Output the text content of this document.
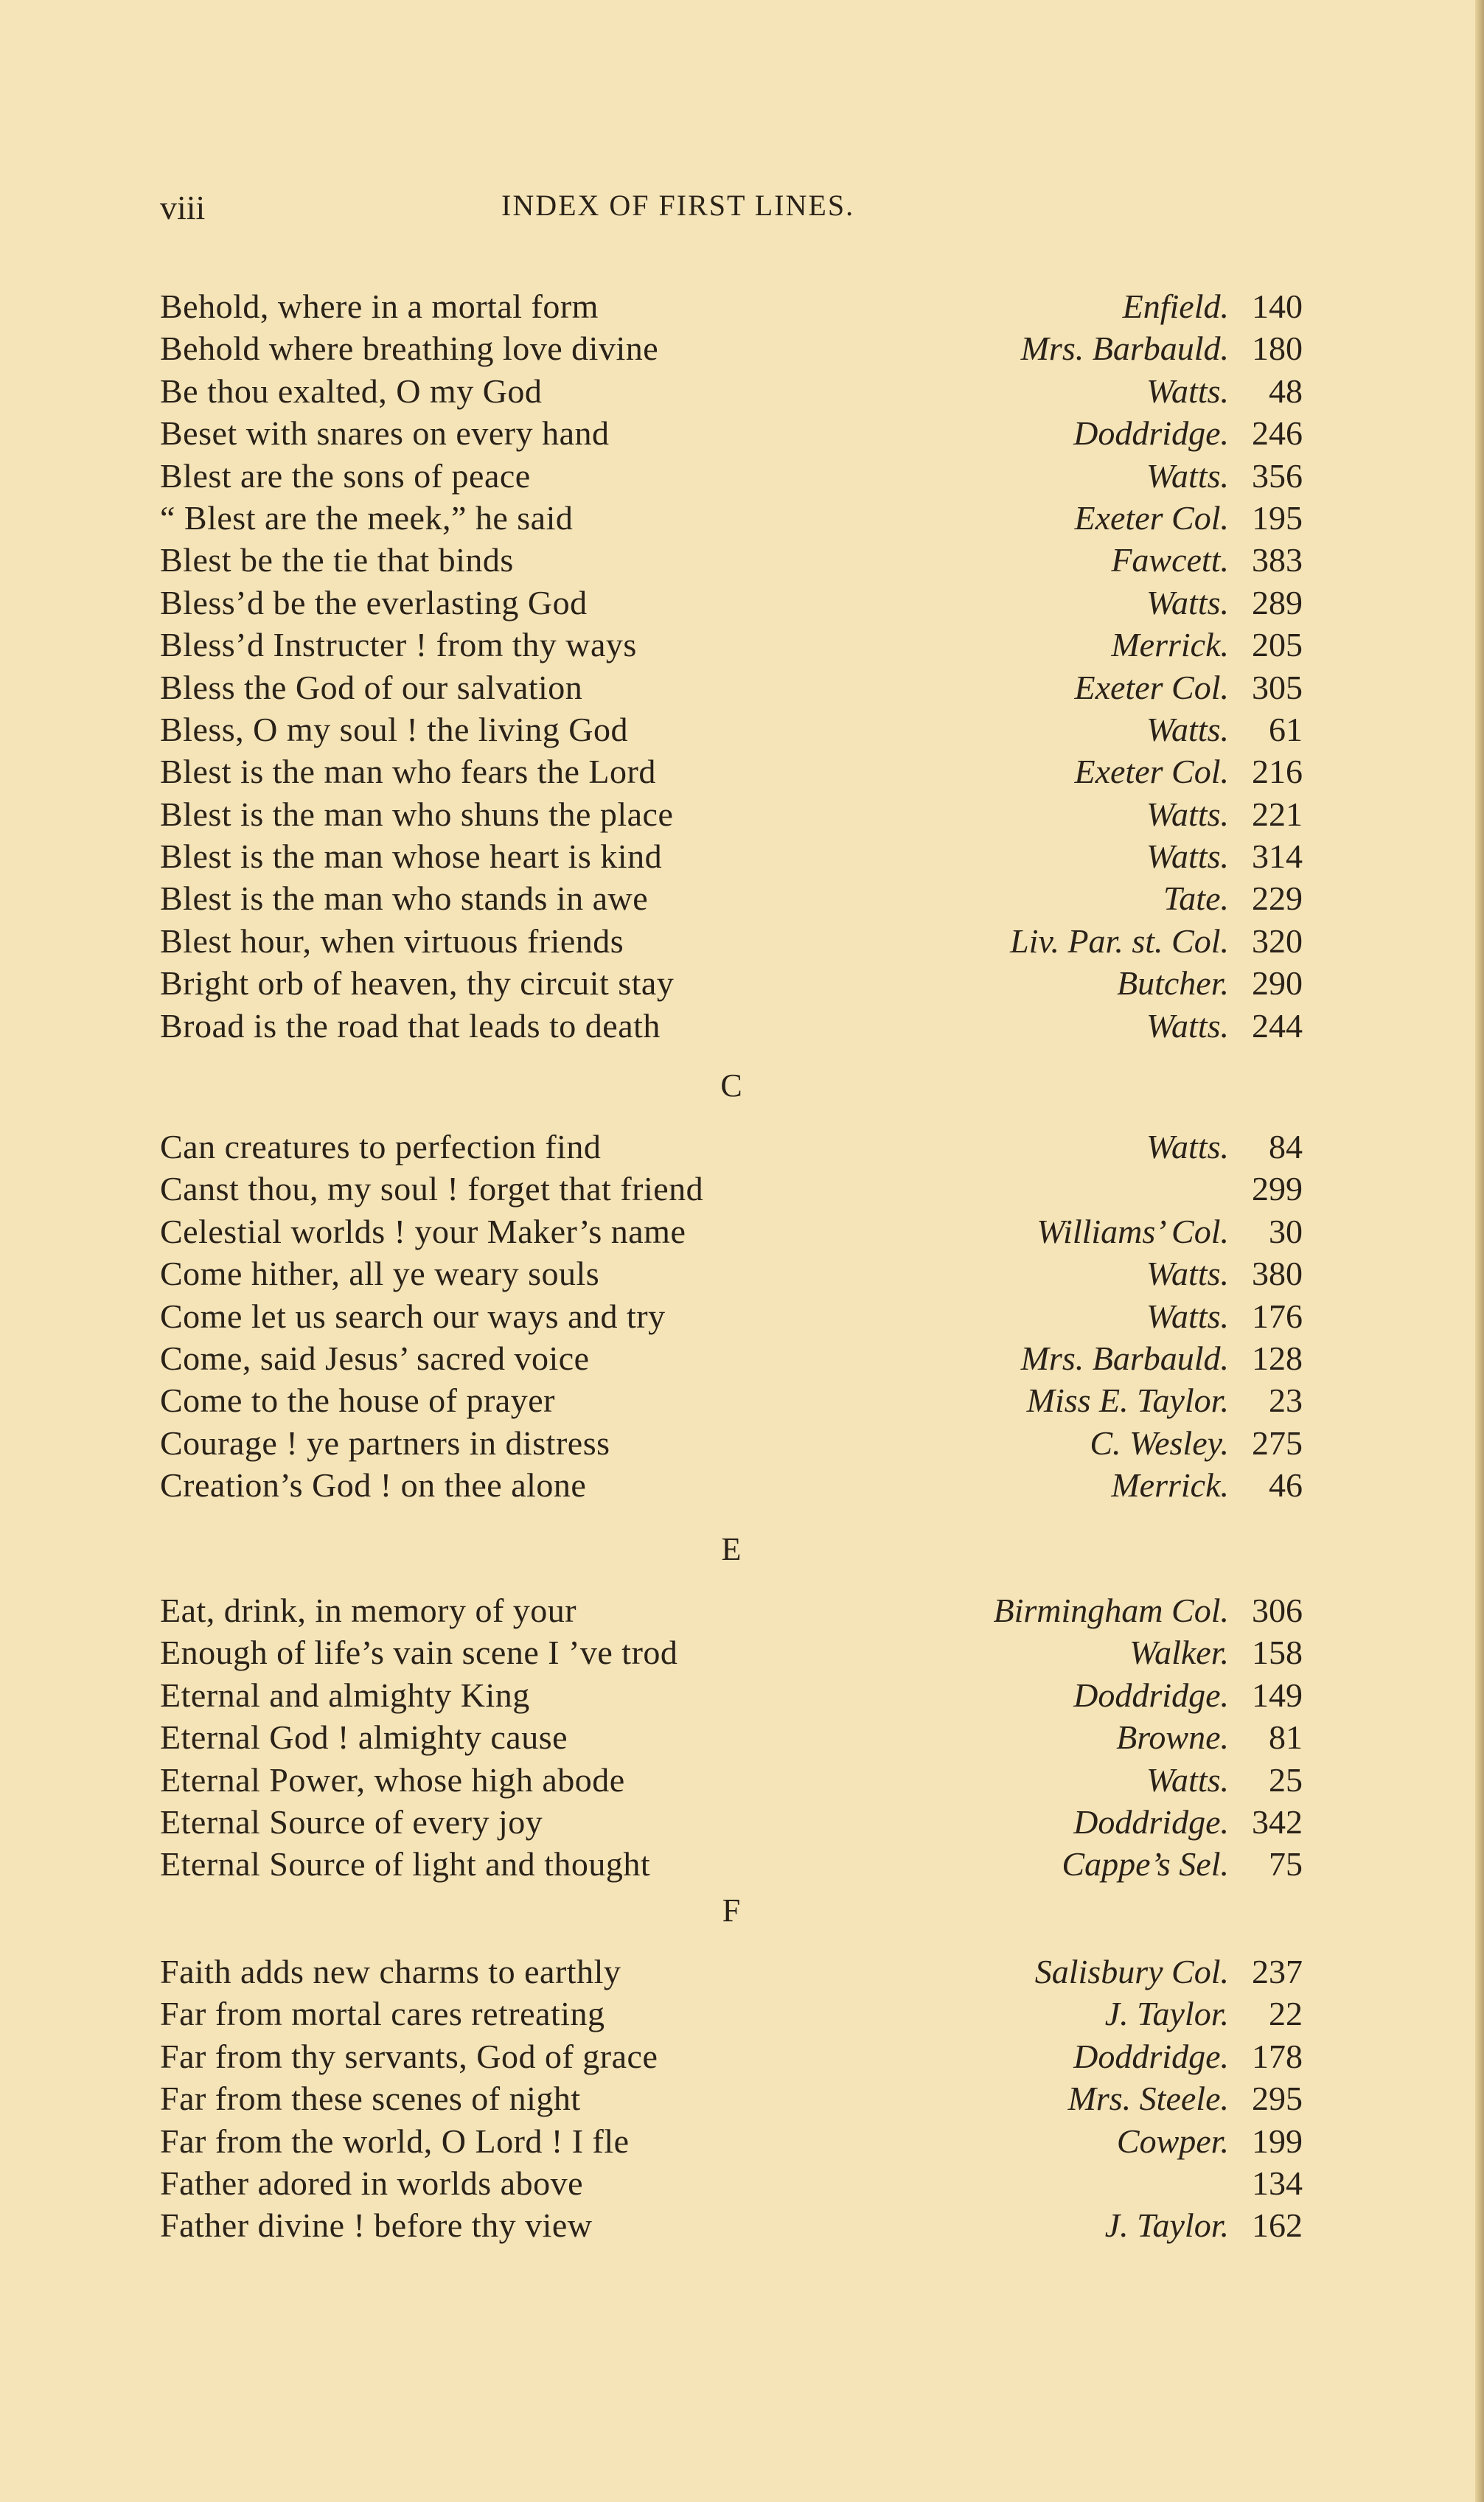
viii	INDEX OF FIRST LINES.
Behold, where in a mortal form	Enfield. 140
Behold where breathing love divine	Mrs. Barbauld. 180
Be thou exalted, O my God	Watts.	48
Beset with snares on every hand	Doddridge. 246
Blest are the sons of peace	Watts. 356
“ Blest are the meek,” he said	Exeter Col. 195
Blest be the tie that binds	Fawcett. 383
Bless’d be the everlasting God	Watts. 289
Bless’d Instructer ! from thy ways	Merrick. 205
Bless the God of our salvation	Exeter Col. 305
Bless, O my soul ! the living God	Watts.	61
Blest is the man who fears the Lord	Exeter Col. 216
Blest is the man who shuns the place	Watts. 221
Blest is the man whose heart is kind	Watts. 314
Blest is the man who stands in awe	Tate. 229
Blest hour, when virtuous friends	Liv. Par. st. Col. 320
Bright orb of heaven, thy circuit stay	Butcher. 290
Broad is the road that leads to death	Watts. 244
C
Can creatures to perfection find	Watts.	84
Canst thou, my soul ! forget that friend	299
Celestial worlds ! your Maker’s name	Williams’ Col.	30
Come hither, all ye weary souls	Watts. 380
Come let us search our ways and try	Watts. 176
Come, said Jesus’ sacred voice	Mrs. Barbauld. 128
Come to the house of prayer	Miss E. Taylor.	23
Courage ! ye partners in distress	C. Wesley. 275
Creation’s God ! on thee alone	Merrick.	46
E
Eat, drink, in memory of your	Birmingham Col. 306
Enough of life’s vain scene I ’ve trod	Walker. 158
Eternal and almighty King	Doddridge. 149
Eternal God ! almighty cause	Browne.	81
Eternal Power, whose high abode	Watts.	25
Eternal Source of every joy	Doddridge. 342
Eternal Source of light and thought	Cappe’s Sel.	75
F
Faith adds new charms to earthly	Salisbury Col. 237
Far from mortal cares retreating	J. Taylor.	22
Far from thy servants, God of grace	Doddridge. 178
Far from these scenes of night	Mrs. Steele. 295
Far from the world, O Lord ! I fle	Cowper. 199
Father adored in worlds above	134
Father divine ! before thy view	J. Taylor. 162
